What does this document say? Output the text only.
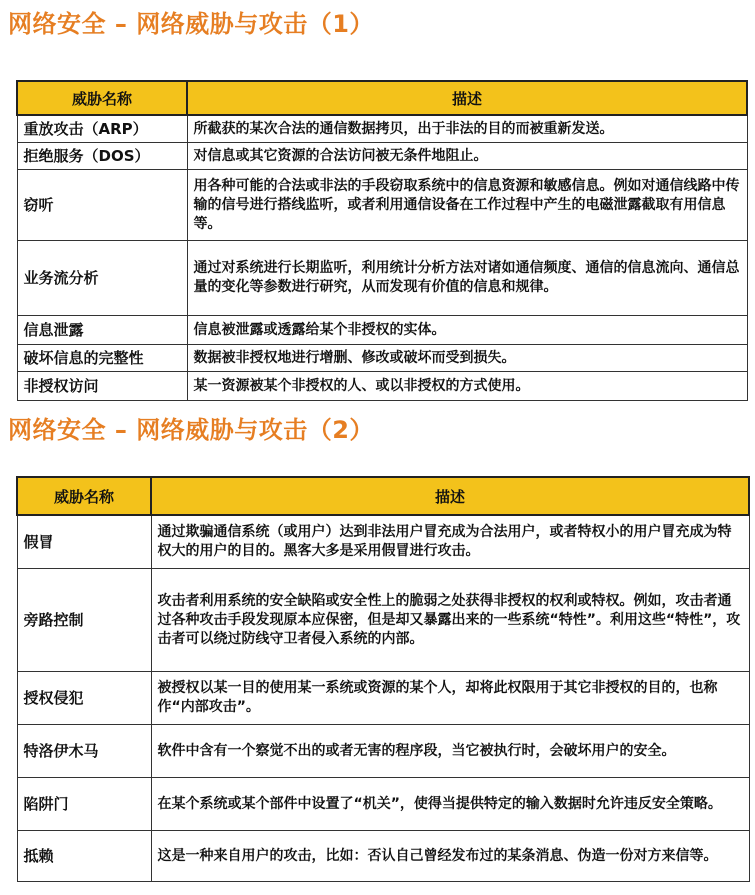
网络安全 – 网络威胁与攻击（1）
威胁名称	描述
重放攻击（ARP）	所截获的某次合法的通信数据拷贝，出于非法的目的而被重新发送。
拒绝服务（DOS）	对信息或其它资源的合法访问被无条件地阻止。
窃听	用各种可能的合法或非法的手段窃取系统中的信息资源和敏感信息。例如对通信线路中传输的信号进行搭线监听，或者利用通信设备在工作过程中产生的电磁泄露截取有用信息等。
业务流分析	通过对系统进行长期监听，利用统计分析方法对诸如通信频度、通信的信息流向、通信总量的变化等参数进行研究，从而发现有价值的信息和规律。
信息泄露	信息被泄露或透露给某个非授权的实体。
破坏信息的完整性	数据被非授权地进行增删、修改或破坏而受到损失。
非授权访问	某一资源被某个非授权的人、或以非授权的方式使用。
网络安全 – 网络威胁与攻击（2）
威胁名称	描述
假冒	通过欺骗通信系统（或用户）达到非法用户冒充成为合法用户，或者特权小的用户冒充成为特权大的用户的目的。黑客大多是采用假冒进行攻击。
旁路控制	攻击者利用系统的安全缺陷或安全性上的脆弱之处获得非授权的权利或特权。例如，攻击者通过各种攻击手段发现原本应保密，但是却又暴露出来的一些系统“特性”。利用这些“特性”，攻击者可以绕过防线守卫者侵入系统的内部。
授权侵犯	被授权以某一目的使用某一系统或资源的某个人，却将此权限用于其它非授权的目的，也称作“内部攻击”。
特洛伊木马	软件中含有一个察觉不出的或者无害的程序段，当它被执行时，会破坏用户的安全。
陷阱门	在某个系统或某个部件中设置了“机关”，使得当提供特定的输入数据时允许违反安全策略。
抵赖	这是一种来自用户的攻击，比如：否认自己曾经发布过的某条消息、伪造一份对方来信等。
